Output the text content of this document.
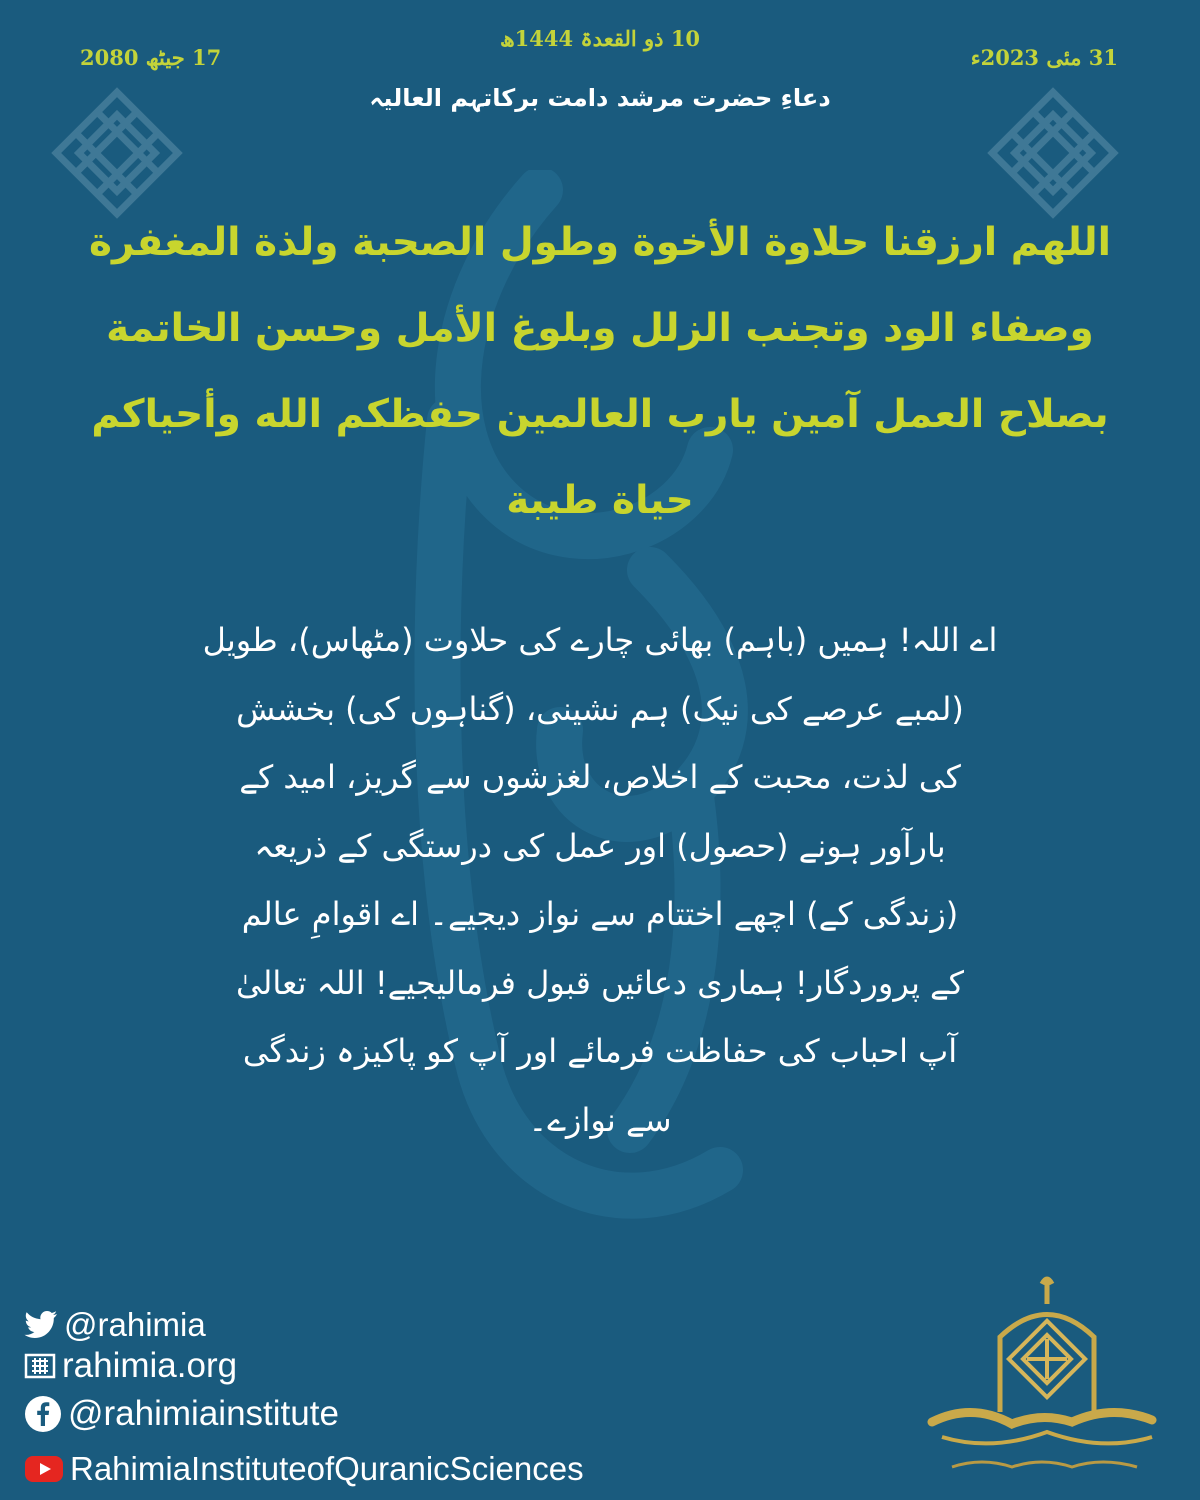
10 ذو القعدۃ 1444ھ
31 مئی 2023ء
17 جیٹھ 2080
دعاءِ حضرت مرشد دامت برکاتہم العالیہ
اللهم ارزقنا حلاوة الأخوة وطول الصحبة ولذة المغفرة
وصفاء الود وتجنب الزلل وبلوغ الأمل وحسن الخاتمة
بصلاح العمل آمين يارب العالمين حفظكم الله وأحياكم
حياة طيبة
اے اللہ! ہمیں (باہم) بھائی چارے کی حلاوت (مٹھاس)، طویل
(لمبے عرصے کی نیک) ہم نشینی، (گناہوں کی) بخشش
کی لذت، محبت کے اخلاص، لغزشوں سے گریز، امید کے
بارآور ہونے (حصول) اور عمل کی درستگی کے ذریعہ
(زندگی کے) اچھے اختتام سے نواز دیجیے۔ اے اقوامِ عالم
کے پروردگار! ہماری دعائیں قبول فرمالیجیے! اللہ تعالیٰ
آپ احباب کی حفاظت فرمائے اور آپ کو پاکیزہ زندگی
سے نوازے۔
@rahimia
rahimia.org
@rahimiainstitute
RahimiaInstituteofQuranicSciences
